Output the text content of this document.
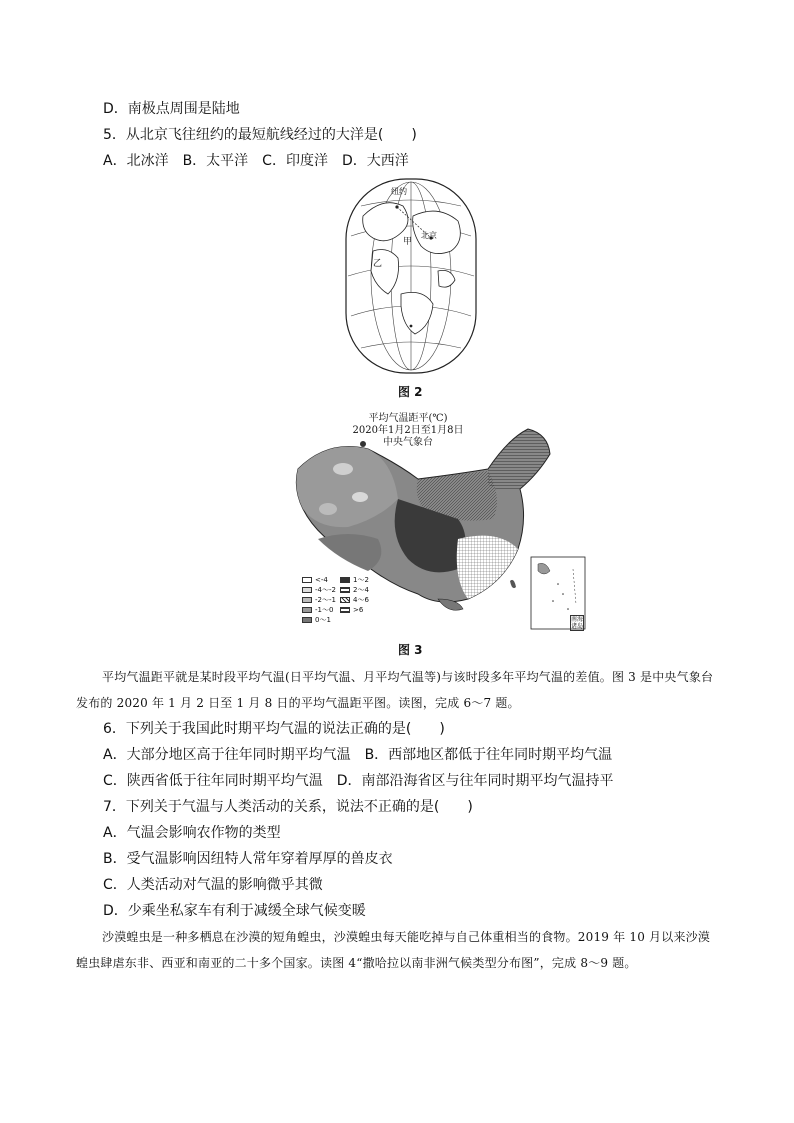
D．南极点周围是陆地
5．从北京飞往纽约的最短航线经过的大洋是(　　)
A．北冰洋　B．太平洋　C．印度洋　D．大西洋
纽约
北京
甲
乙
图 2
平均气温距平(℃)
2020年1月2日至1月8日
中央气象台
南海诸岛
<-4	1～2
-4～-2 2～4
-2～-1 4～6
-1～0	>6
0～1
图 3
平均气温距平就是某时段平均气温(日平均气温、月平均气温等)与该时段多年平均气温的差值。图 3 是中央气象台发布的 2020 年 1 月 2 日至 1 月 8 日的平均气温距平图。读图，完成 6～7 题。
6．下列关于我国此时期平均气温的说法正确的是(　　)
A．大部分地区高于往年同时期平均气温　B．西部地区都低于往年同时期平均气温
C．陕西省低于往年同时期平均气温　D．南部沿海省区与往年同时期平均气温持平
7．下列关于气温与人类活动的关系，说法不正确的是(　　)
A．气温会影响农作物的类型
B．受气温影响因纽特人常年穿着厚厚的兽皮衣
C．人类活动对气温的影响微乎其微
D．少乘坐私家车有利于减缓全球气候变暖
沙漠蝗虫是一种多栖息在沙漠的短角蝗虫，沙漠蝗虫每天能吃掉与自己体重相当的食物。2019 年 10 月以来沙漠蝗虫肆虐东非、西亚和南亚的二十多个国家。读图 4“撒哈拉以南非洲气候类型分布图”，完成 8～9 题。
